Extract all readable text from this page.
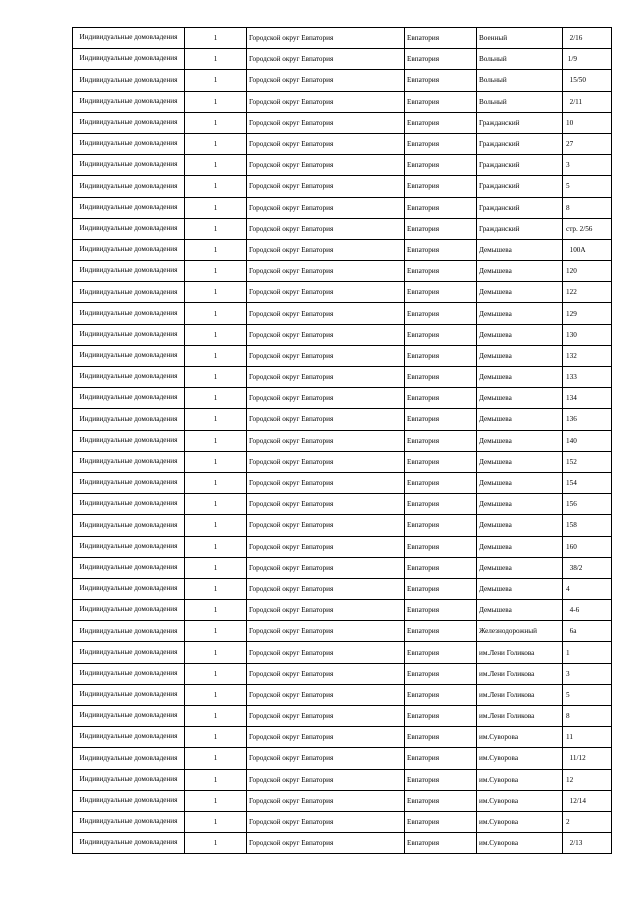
Индивидуальные домовладения	1	Городской округ Евпатория	Евпатория	Военный	2/16
Индивидуальные домовладения	1	Городской округ Евпатория	Евпатория	Вольный	1/9
Индивидуальные домовладения	1	Городской округ Евпатория	Евпатория	Вольный	15/50
Индивидуальные домовладения	1	Городской округ Евпатория	Евпатория	Вольный	2/11
Индивидуальные домовладения	1	Городской округ Евпатория	Евпатория	Гражданский	10
Индивидуальные домовладения	1	Городской округ Евпатория	Евпатория	Гражданский	27
Индивидуальные домовладения	1	Городской округ Евпатория	Евпатория	Гражданский	3
Индивидуальные домовладения	1	Городской округ Евпатория	Евпатория	Гражданский	5
Индивидуальные домовладения	1	Городской округ Евпатория	Евпатория	Гражданский	8
Индивидуальные домовладения	1	Городской округ Евпатория	Евпатория	Гражданский	стр. 2/56
Индивидуальные домовладения	1	Городской округ Евпатория	Евпатория	Демышева	100А
Индивидуальные домовладения	1	Городской округ Евпатория	Евпатория	Демышева	120
Индивидуальные домовладения	1	Городской округ Евпатория	Евпатория	Демышева	122
Индивидуальные домовладения	1	Городской округ Евпатория	Евпатория	Демышева	129
Индивидуальные домовладения	1	Городской округ Евпатория	Евпатория	Демышева	130
Индивидуальные домовладения	1	Городской округ Евпатория	Евпатория	Демышева	132
Индивидуальные домовладения	1	Городской округ Евпатория	Евпатория	Демышева	133
Индивидуальные домовладения	1	Городской округ Евпатория	Евпатория	Демышева	134
Индивидуальные домовладения	1	Городской округ Евпатория	Евпатория	Демышева	136
Индивидуальные домовладения	1	Городской округ Евпатория	Евпатория	Демышева	140
Индивидуальные домовладения	1	Городской округ Евпатория	Евпатория	Демышева	152
Индивидуальные домовладения	1	Городской округ Евпатория	Евпатория	Демышева	154
Индивидуальные домовладения	1	Городской округ Евпатория	Евпатория	Демышева	156
Индивидуальные домовладения	1	Городской округ Евпатория	Евпатория	Демышева	158
Индивидуальные домовладения	1	Городской округ Евпатория	Евпатория	Демышева	160
Индивидуальные домовладения	1	Городской округ Евпатория	Евпатория	Демышева	38/2
Индивидуальные домовладения	1	Городской округ Евпатория	Евпатория	Демышева	4
Индивидуальные домовладения	1	Городской округ Евпатория	Евпатория	Демышева	4-6
Индивидуальные домовладения	1	Городской округ Евпатория	Евпатория	Железнодорожный	6а
Индивидуальные домовладения	1	Городской округ Евпатория	Евпатория	им.Лени Голикова	1
Индивидуальные домовладения	1	Городской округ Евпатория	Евпатория	им.Лени Голикова	3
Индивидуальные домовладения	1	Городской округ Евпатория	Евпатория	им.Лени Голикова	5
Индивидуальные домовладения	1	Городской округ Евпатория	Евпатория	им.Лени Голикова	8
Индивидуальные домовладения	1	Городской округ Евпатория	Евпатория	им.Суворова	11
Индивидуальные домовладения	1	Городской округ Евпатория	Евпатория	им.Суворова	11/12
Индивидуальные домовладения	1	Городской округ Евпатория	Евпатория	им.Суворова	12
Индивидуальные домовладения	1	Городской округ Евпатория	Евпатория	им.Суворова	12/14
Индивидуальные домовладения	1	Городской округ Евпатория	Евпатория	им.Суворова	2
Индивидуальные домовладения	1	Городской округ Евпатория	Евпатория	им.Суворова	2/13
